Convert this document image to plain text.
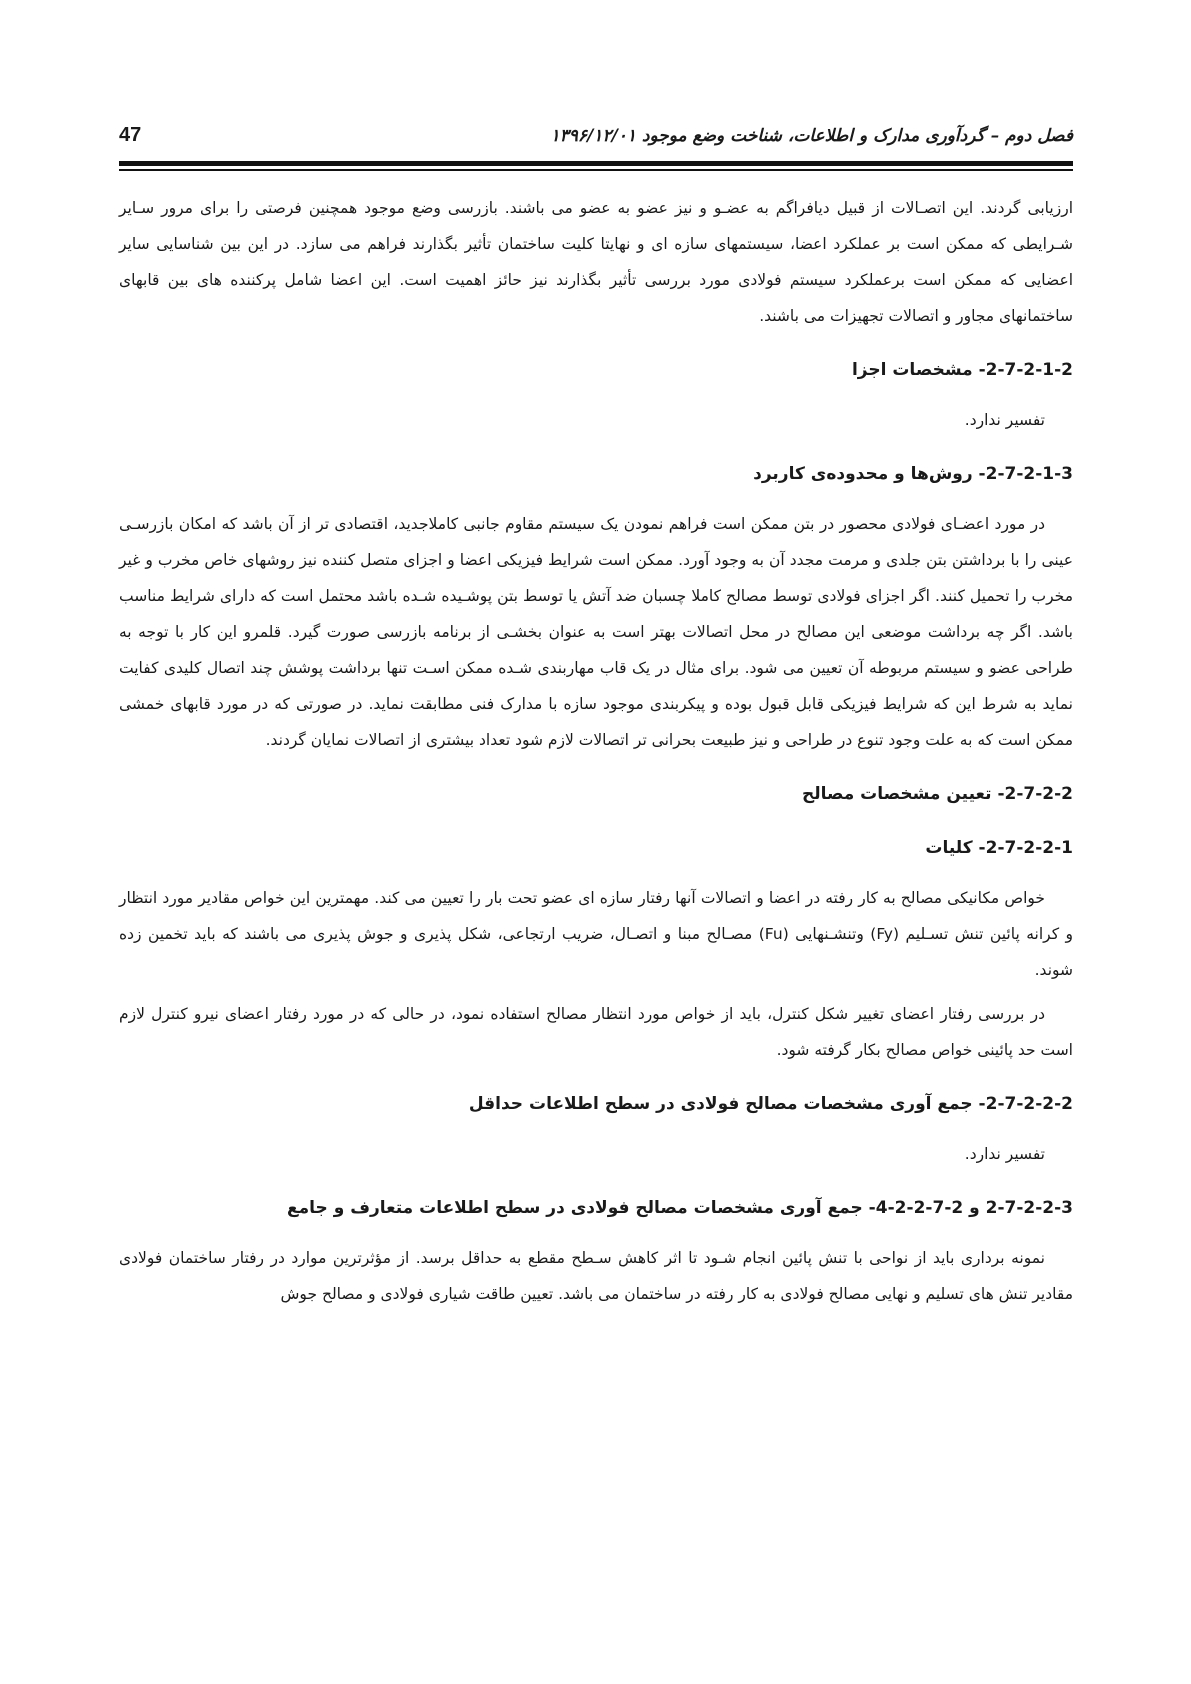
فصل دوم – گردآوری مدارک و اطلاعات، شناخت وضع موجود ۱۳۹۶/۱۲/۰۱
47

ارزیابی گردند. این اتصـالات از قبیل دیافراگم به عضـو و نیز عضو به عضو می باشند. بازرسی وضع موجود همچنین فرصتی را برای مرور سـایر شـرایطی که ممکن است بر عملکرد اعضا، سیستمهای سازه ای و نهایتا کلیت ساختمان تأثیر بگذارند فراهم می سازد. در این بین شناسایی سایر اعضایی که ممکن است برعملکرد سیستم فولادی مورد بررسی تأثیر بگذارند نیز حائز اهمیت است. این اعضا شامل پرکننده های بین قابهای ساختمانهای مجاور و اتصالات تجهیزات می باشند.

2-7-2-1-2- مشخصات اجزا
تفسیر ندارد.
2-7-2-1-3- روش‌ها و محدوده‌ی کاربرد

در مورد اعضـای فولادی محصور در بتن ممکن است فراهم نمودن یک سیستم مقاوم جانبی کاملاجدید، اقتصادی تر از آن باشد که امکان بازرسـی عینی را با برداشتن بتن جلدی و مرمت مجدد آن به وجود آورد. ممکن است شرایط فیزیکی اعضا و اجزای متصل کننده نیز روشهای خاص مخرب و غیر مخرب را تحمیل کنند. اگر اجزای فولادی توسط مصالح کاملا چسبان ضد آتش یا توسط بتن پوشـیده شـده باشد محتمل است که دارای شرایط مناسب باشد. اگر چه برداشت موضعی این مصالح در محل اتصالات بهتر است به عنوان بخشـی از برنامه بازرسی صورت گیرد. قلمرو این کار با توجه به طراحی عضو و سیستم مربوطه آن تعیین می شود. برای مثال در یک قاب مهاربندی شـده ممکن اسـت تنها برداشت پوشش چند اتصال کلیدی کفایت نماید به شرط این که شرایط فیزیکی قابل قبول بوده و پیکربندی موجود سازه با مدارک فنی مطابقت نماید. در صورتی که در مورد قابهای خمشی ممکن است که به علت وجود تنوع در طراحی و نیز طبیعت بحرانی تر اتصالات لازم شود تعداد بیشتری از اتصالات نمایان گردند.

2-7-2-2- تعیین مشخصات مصالح
2-7-2-2-1- کلیات

خواص مکانیکی مصالح به کار رفته در اعضا و اتصالات آنها رفتار سازه ای عضو تحت بار را تعیین می کند. مهمترین این خواص مقادیر مورد انتظار و کرانه پائین تنش تسـلیم (Fy) وتنشـنهایی (Fu) مصـالح مبنا و اتصـال، ضریب ارتجاعی، شکل پذیری و جوش پذیری می باشند که باید تخمین زده شوند.

در بررسی رفتار اعضای تغییر شکل کنترل، باید از خواص مورد انتظار مصالح استفاده نمود، در حالی که در مورد رفتار اعضای نیرو کنترل لازم است حد پائینی خواص مصالح بکار گرفته شود.

2-7-2-2-2- جمع آوری مشخصات مصالح فولادی در سطح اطلاعات حداقل
تفسیر ندارد.
2-7-2-2-3 و 2-7-2-2-4- جمع آوری مشخصات مصالح فولادی در سطح اطلاعات متعارف و جامع

نمونه برداری باید از نواحی با تنش پائین انجام شـود تا اثر کاهش سـطح مقطع به حداقل برسد. از مؤثرترین موارد در رفتار ساختمان فولادی مقادیر تنش های تسلیم و نهایی مصالح فولادی به کار رفته در ساختمان می باشد. تعیین طاقت شیاری فولادی و مصالح جوش
